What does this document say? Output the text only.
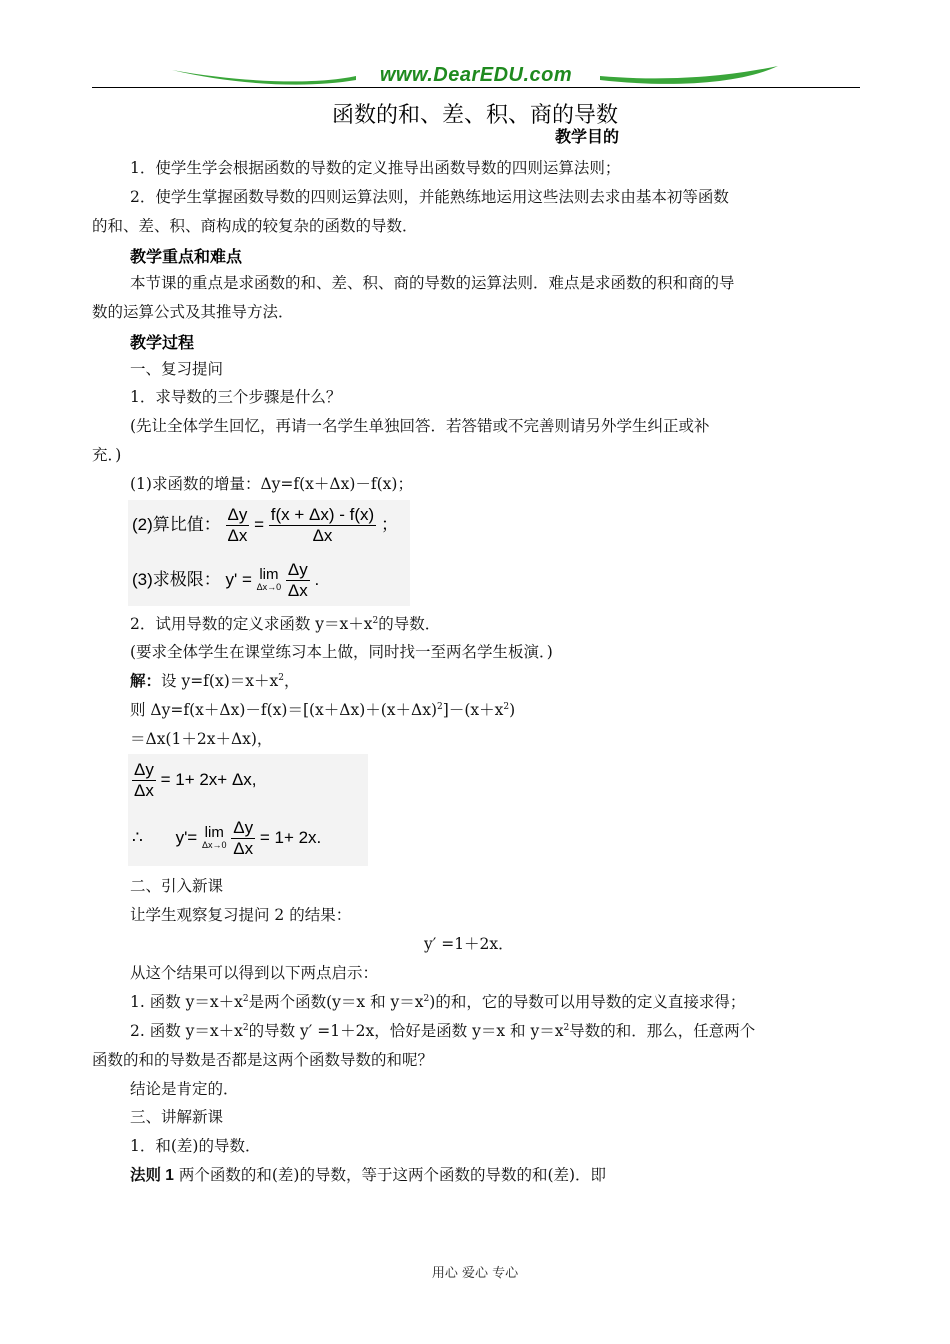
www.DearEDU.com
函数的和、差、积、商的导数
教学目的
1．使学生学会根据函数的导数的定义推导出函数导数的四则运算法则；
2．使学生掌握函数导数的四则运算法则，并能熟练地运用这些法则去求由基本初等函数
的和、差、积、商构成的较复杂的函数的导数．
教学重点和难点
本节课的重点是求函数的和、差、积、商的导数的运算法则．难点是求函数的积和商的导
数的运算公式及其推导方法．
教学过程
一、复习提问
1．求导数的三个步骤是什么？
(先让全体学生回忆，再请一名学生单独回答．若答错或不完善则请另外学生纠正或补
充．)
(1)求函数的增量：Δy=f(x＋Δx)－f(x)；
(2)算比值： $\frac{\Delta y}{\Delta x} = \frac{f(x + \Delta x) - f(x)}{\Delta x}$ ；
(3)求极限： y' = lim
Δx→0
$\frac{\Delta y}{\Delta x}$ .
2．试用导数的定义求函数 $y=x+x^2$的导数．
(要求全体学生在课堂练习本上做，同时找一至两名学生板演．)
解：设 $y=f(x)=x+x^2$，
则 $\Delta y=f(x+\Delta x)-f(x)=[(x+\Delta x)+(x+\Delta x)^2]-(x+x^2)$
＝Δx(1＋2x＋Δx)，
$\frac{\Delta y}{\Delta x} = 1+ 2x+ \Delta x$,
∴ y'= lim
Δx→0
$\frac{\Delta y}{\Delta x} = 1+ 2x$.
二、引入新课
让学生观察复习提问 2 的结果：
y′ =1＋2x．
从这个结果可以得到以下两点启示：
1. 函数 $y=x+x^2$是两个函数(y＝x 和 $y=x^2$)的和，它的导数可以用导数的定义直接求得；
2. 函数 $y=x+x^2$的导数 y′ =1＋2x，恰好是函数 y＝x 和 $y=x^2$导数的和．那么，任意两个
函数的和的导数是否都是这两个函数导数的和呢？
结论是肯定的．
三、讲解新课
1．和(差)的导数．
法则 1 两个函数的和(差)的导数，等于这两个函数的导数的和(差)．即
用心 爱心 专心
